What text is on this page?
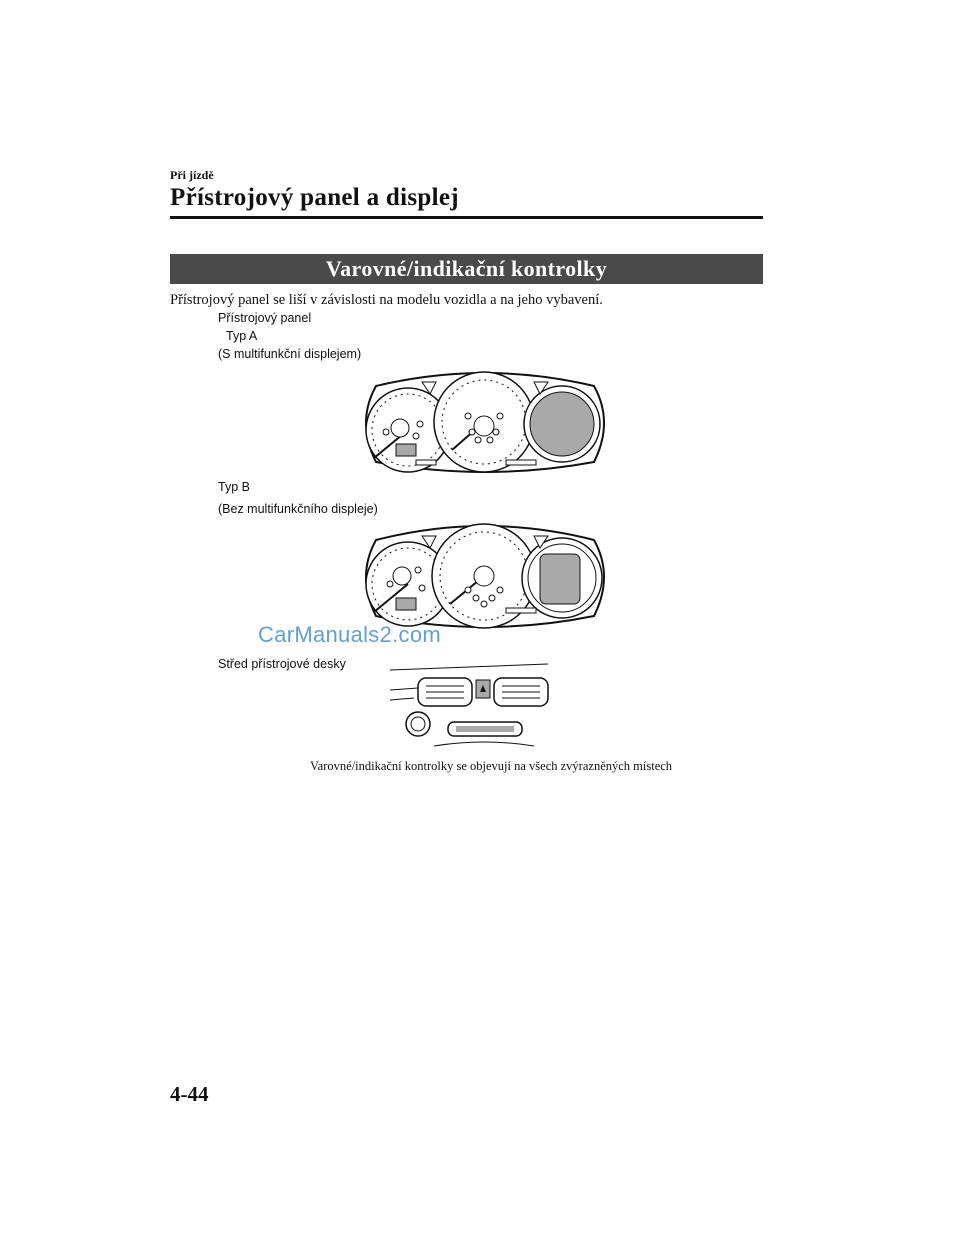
Při jízdě
Přístrojový panel a displej
Varovné/indikační kontrolky
Přístrojový panel se liší v závislosti na modelu vozidla a na jeho vybavení.
Přístrojový panel
Typ A
(S multifunkční displejem)
Typ B
(Bez multifunkčního displeje)
CarManuals2.com
Střed přístrojové desky
Varovné/indikační kontrolky se objevují na všech zvýrazněných místech
4-44
